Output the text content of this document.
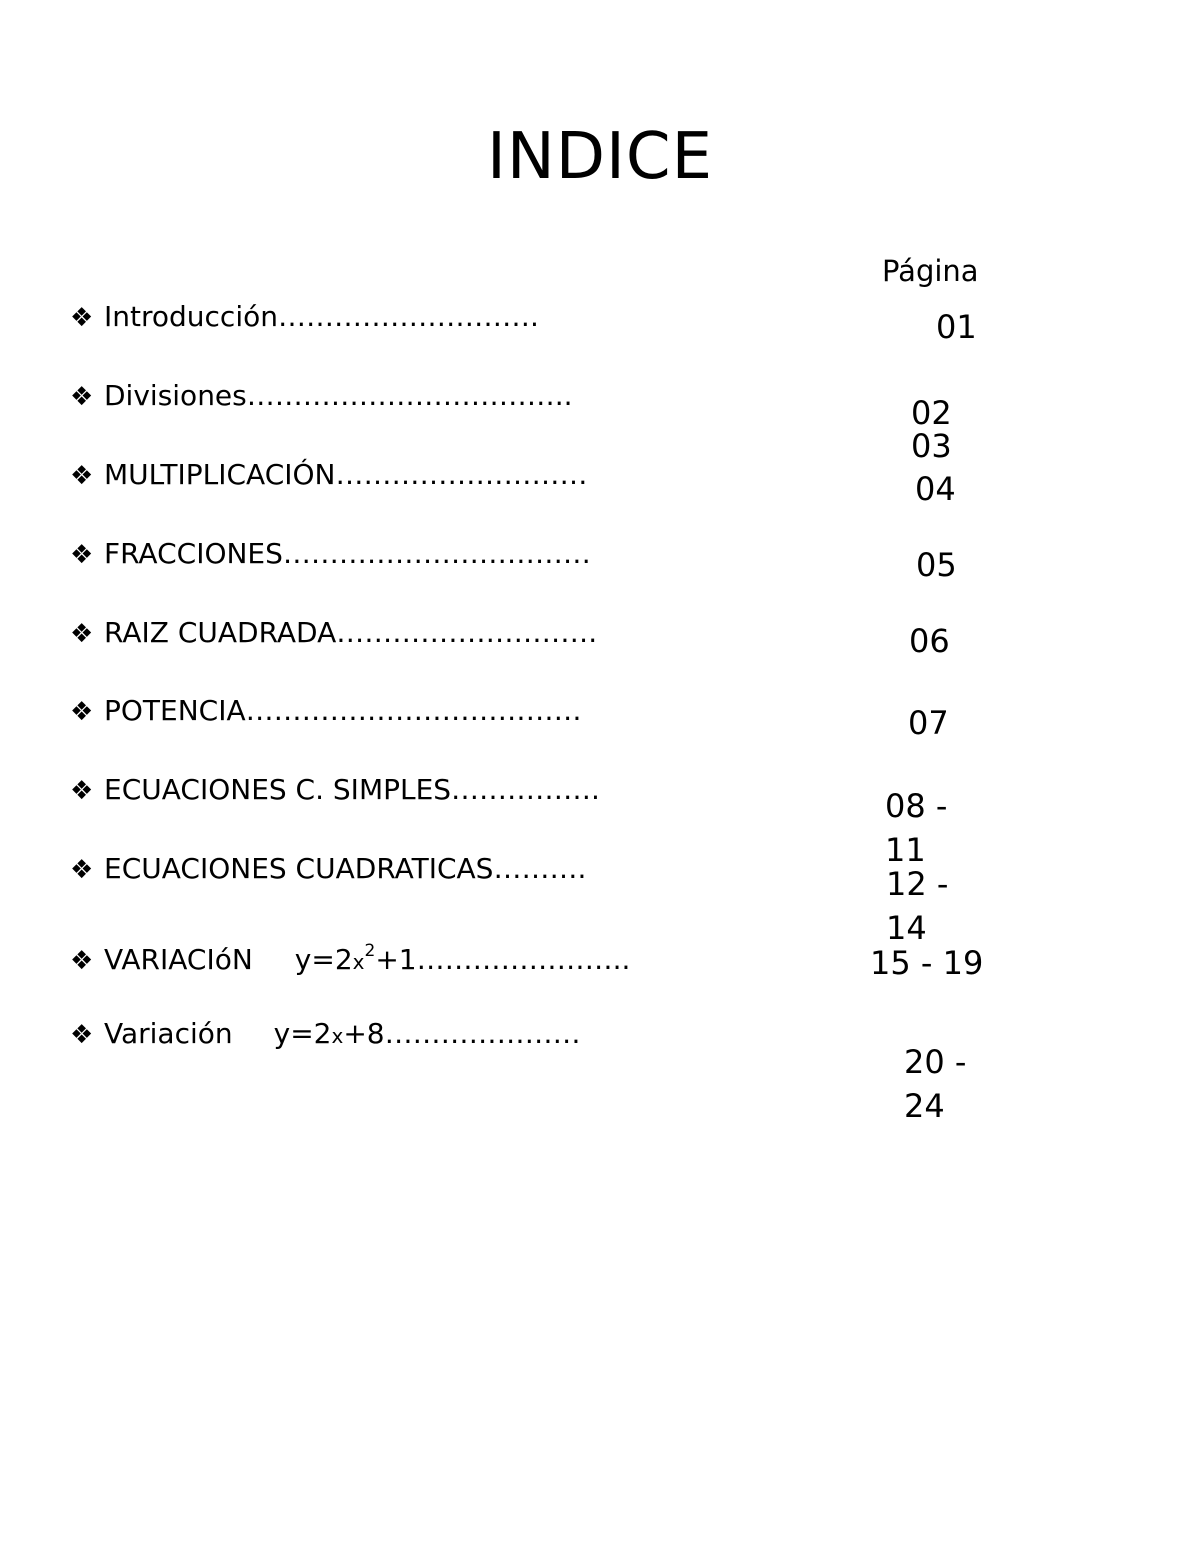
INDICE
Página
❖ Introducción……………………….
❖ Divisiones……………………………..
❖ MULTIPLICACIÓN………………………
❖ FRACCIONES……………………………
❖ RAIZ CUADRADA……………………….
❖ POTENCIA………………………………
❖ ECUACIONES C. SIMPLES…………….
❖ ECUACIONES CUADRATICAS……….
❖ VARIACIóN $y=2x^2+1\dots\dots\dots\dots\dots\dots\dots$..
❖ Variación y=2x+8…………………
01
02
03
04
05
06
07
08 - 11
12 - 14
15 - 19
20 - 24
